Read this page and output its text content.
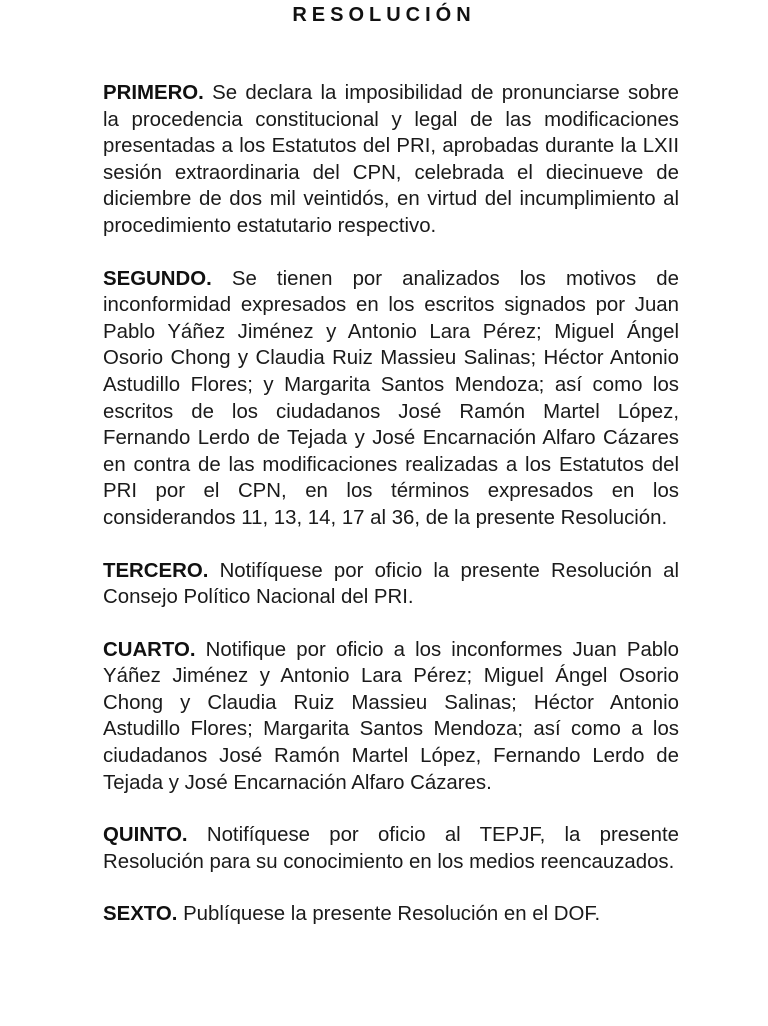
RESOLUCIÓN

PRIMERO. Se declara la imposibilidad de pronunciarse sobre la procedencia constitucional y legal de las modificaciones presentadas a los Estatutos del PRI, aprobadas durante la LXII sesión extraordinaria del CPN, celebrada el diecinueve de diciembre de dos mil veintidós, en virtud del incumplimiento al procedimiento estatutario respectivo.

SEGUNDO. Se tienen por analizados los motivos de inconformidad expresados en los escritos signados por Juan Pablo Yáñez Jiménez y Antonio Lara Pérez; Miguel Ángel Osorio Chong y Claudia Ruiz Massieu Salinas; Héctor Antonio Astudillo Flores; y Margarita Santos Mendoza; así como los escritos de los ciudadanos José Ramón Martel López, Fernando Lerdo de Tejada y José Encarnación Alfaro Cázares en contra de las modificaciones realizadas a los Estatutos del PRI por el CPN, en los términos expresados en los considerandos 11, 13, 14, 17 al 36, de la presente Resolución.

TERCERO. Notifíquese por oficio la presente Resolución al Consejo Político Nacional del PRI.

CUARTO. Notifique por oficio a los inconformes Juan Pablo Yáñez Jiménez y Antonio Lara Pérez; Miguel Ángel Osorio Chong y Claudia Ruiz Massieu Salinas; Héctor Antonio Astudillo Flores; Margarita Santos Mendoza; así como a los ciudadanos José Ramón Martel López, Fernando Lerdo de Tejada y José Encarnación Alfaro Cázares.

QUINTO. Notifíquese por oficio al TEPJF, la presente Resolución para su conocimiento en los medios reencauzados.

SEXTO. Publíquese la presente Resolución en el DOF.
